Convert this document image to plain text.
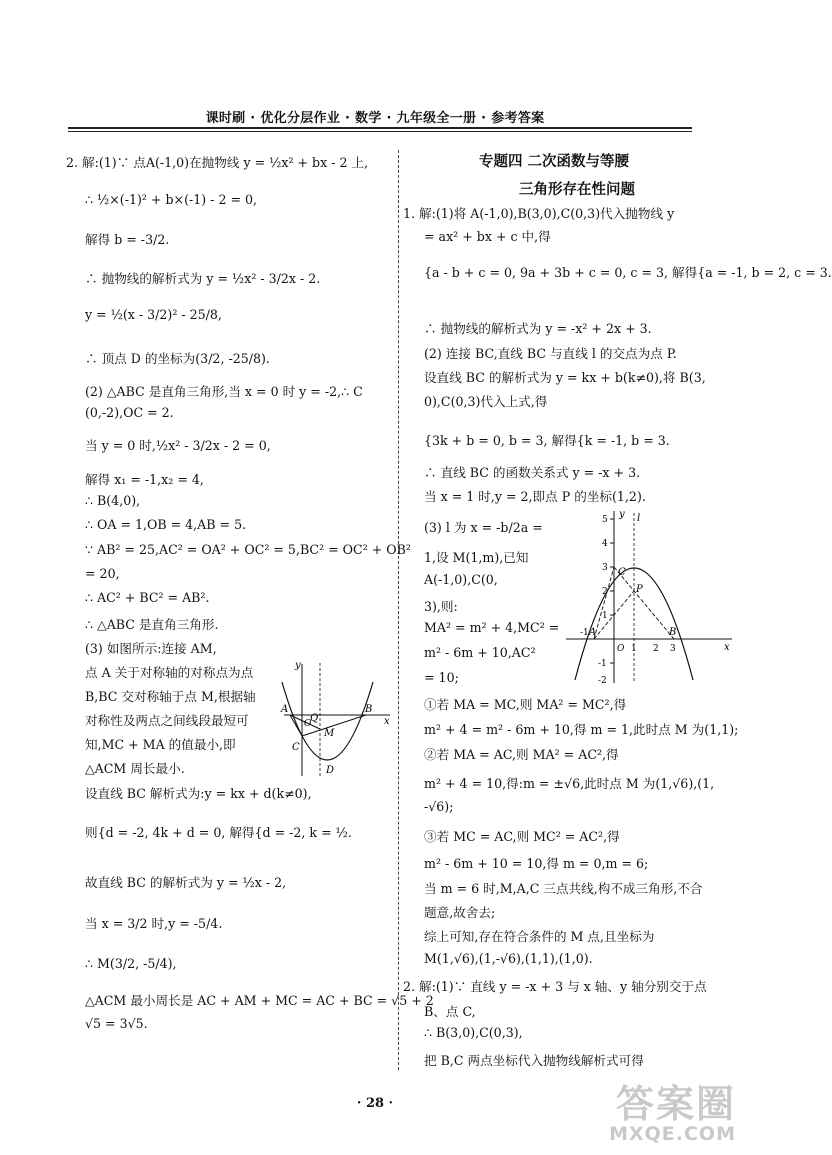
课时刷 · 优化分层作业 · 数学 · 九年级全一册 · 参考答案
2. 解:(1)∵ 点A(-1,0)在抛物线 y = ½x² + bx - 2 上,
∴ ½×(-1)² + b×(-1) - 2 = 0,
解得 b = -3/2.
∴ 抛物线的解析式为 y = ½x² - 3/2x - 2.
y = ½(x - 3/2)² - 25/8,
∴ 顶点 D 的坐标为(3/2, -25/8).
(2) △ABC 是直角三角形,当 x = 0 时 y = -2,∴ C
(0,-2),OC = 2.
当 y = 0 时,½x² - 3/2x - 2 = 0,
解得 x₁ = -1,x₂ = 4,
∴ B(4,0),
∴ OA = 1,OB = 4,AB = 5.
∵ AB² = 25,AC² = OA² + OC² = 5,BC² = OC² + OB²
= 20,
∴ AC² + BC² = AB².
∴ △ABC 是直角三角形.
(3) 如图所示:连接 AM,
点 A 关于对称轴的对称点为点
B,BC 交对称轴于点 M,根据轴
对称性及两点之间线段最短可
知,MC + MA 的值最小,即
△ACM 周长最小.
设直线 BC 解析式为:y = kx + d(k≠0),
则{d = -2, 4k + d = 0, 解得{d = -2, k = ½.
故直线 BC 的解析式为 y = ½x - 2,
当 x = 3/2 时,y = -5/4.
∴ M(3/2, -5/4),
△ACM 最小周长是 AC + AM + MC = AC + BC = √5 + 2
√5 = 3√5.
y
x
A
O
Q
B
M
C
D
专题四 二次函数与等腰
三角形存在性问题
1. 解:(1)将 A(-1,0),B(3,0),C(0,3)代入抛物线 y
= ax² + bx + c 中,得
{a - b + c = 0, 9a + 3b + c = 0, c = 3, 解得{a = -1, b = 2, c = 3.
∴ 抛物线的解析式为 y = -x² + 2x + 3.
(2) 连接 BC,直线 BC 与直线 l 的交点为点 P.
设直线 BC 的解析式为 y = kx + b(k≠0),将 B(3,
0),C(0,3)代入上式,得
{3k + b = 0, b = 3, 解得{k = -1, b = 3.
∴ 直线 BC 的函数关系式 y = -x + 3.
当 x = 1 时,y = 2,即点 P 的坐标(1,2).
(3) l 为 x = -b/2a =
1,设 M(1,m),已知
A(-1,0),C(0,
3),则:
MA² = m² + 4,MC² =
m² - 6m + 10,AC²
= 10;
①若 MA = MC,则 MA² = MC²,得
m² + 4 = m² - 6m + 10,得 m = 1,此时点 M 为(1,1);
②若 MA = AC,则 MA² = AC²,得
m² + 4 = 10,得:m = ±√6,此时点 M 为(1,√6),(1,
-√6);
③若 MC = AC,则 MC² = AC²,得
m² - 6m + 10 = 10,得 m = 0,m = 6;
当 m = 6 时,M,A,C 三点共线,构不成三角形,不合
题意,故舍去;
综上可知,存在符合条件的 M 点,且坐标为
M(1,√6),(1,-√6),(1,1),(1,0).
2. 解:(1)∵ 直线 y = -x + 3 与 x 轴、y 轴分别交于点
B、点 C,
∴ B(3,0),C(0,3),
把 B,C 两点坐标代入抛物线解析式可得
y
x
l
C
P
A
O 1
B
3
5
4
3
2
1
-1
-1
-2
2
· 28 ·	答案圈
MXQE.COM
